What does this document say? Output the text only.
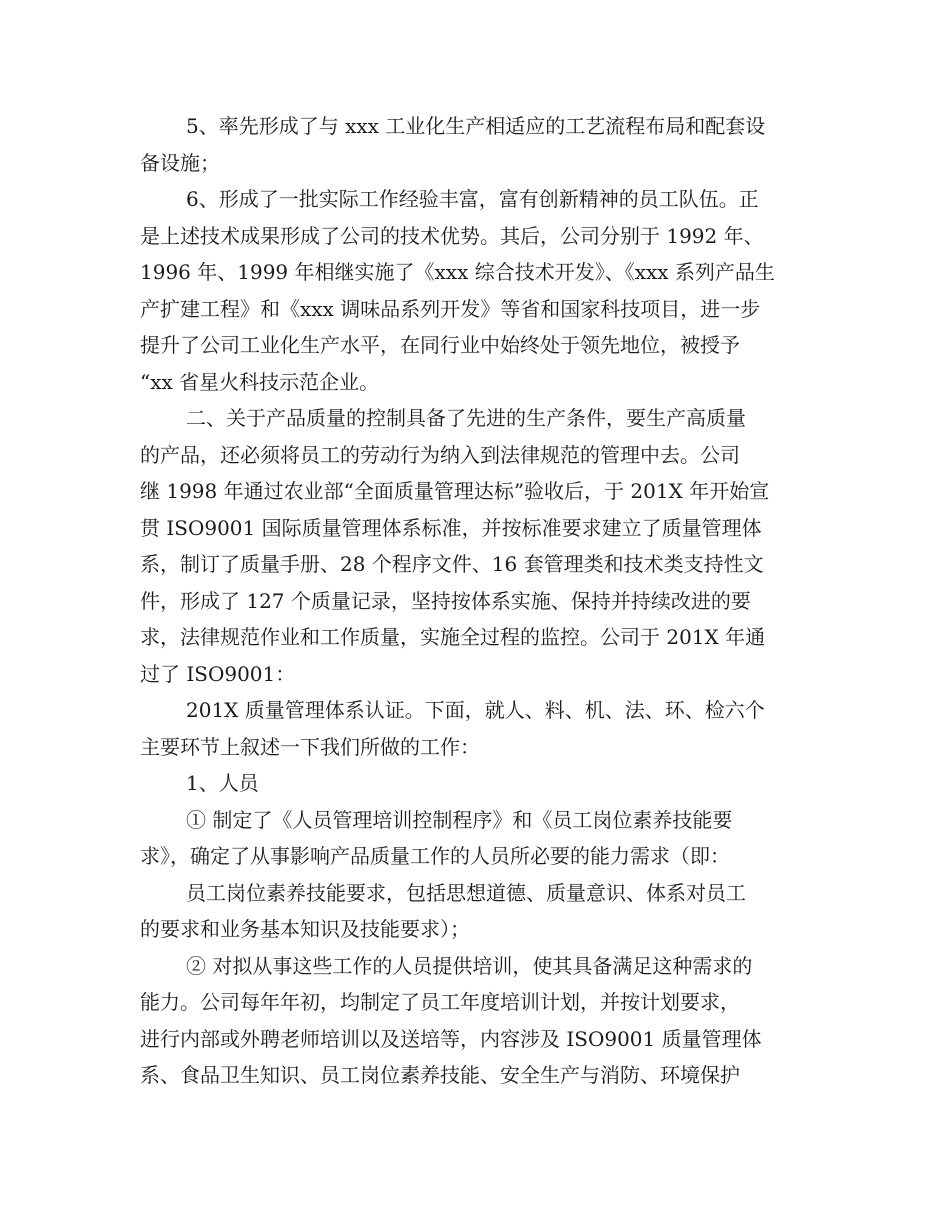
5、率先形成了与 xxx 工业化生产相适应的工艺流程布局和配套设
备设施；
6、形成了一批实际工作经验丰富，富有创新精神的员工队伍。正
是上述技术成果形成了公司的技术优势。其后，公司分别于 1992 年、
1996 年、1999 年相继实施了《xxx 综合技术开发》、《xxx 系列产品生
产扩建工程》和《xxx 调味品系列开发》等省和国家科技项目，进一步
提升了公司工业化生产水平，在同行业中始终处于领先地位，被授予
“xx 省星火科技示范企业。
二、关于产品质量的控制具备了先进的生产条件，要生产高质量
的产品，还必须将员工的劳动行为纳入到法律规范的管理中去。公司
继 1998 年通过农业部“全面质量管理达标”验收后，于 201X 年开始宣
贯 ISO9001 国际质量管理体系标准，并按标准要求建立了质量管理体
系，制订了质量手册、28 个程序文件、16 套管理类和技术类支持性文
件，形成了 127 个质量记录，坚持按体系实施、保持并持续改进的要
求，法律规范作业和工作质量，实施全过程的监控。公司于 201X 年通
过了 ISO9001：
201X 质量管理体系认证。下面，就人、料、机、法、环、检六个
主要环节上叙述一下我们所做的工作：
1、人员
① 制定了《人员管理培训控制程序》和《员工岗位素养技能要
求》，确定了从事影响产品质量工作的人员所必要的能力需求（即：
员工岗位素养技能要求，包括思想道德、质量意识、体系对员工
的要求和业务基本知识及技能要求）；
② 对拟从事这些工作的人员提供培训，使其具备满足这种需求的
能力。公司每年年初，均制定了员工年度培训计划，并按计划要求，
进行内部或外聘老师培训以及送培等，内容涉及 ISO9001 质量管理体
系、食品卫生知识、员工岗位素养技能、安全生产与消防、环境保护
